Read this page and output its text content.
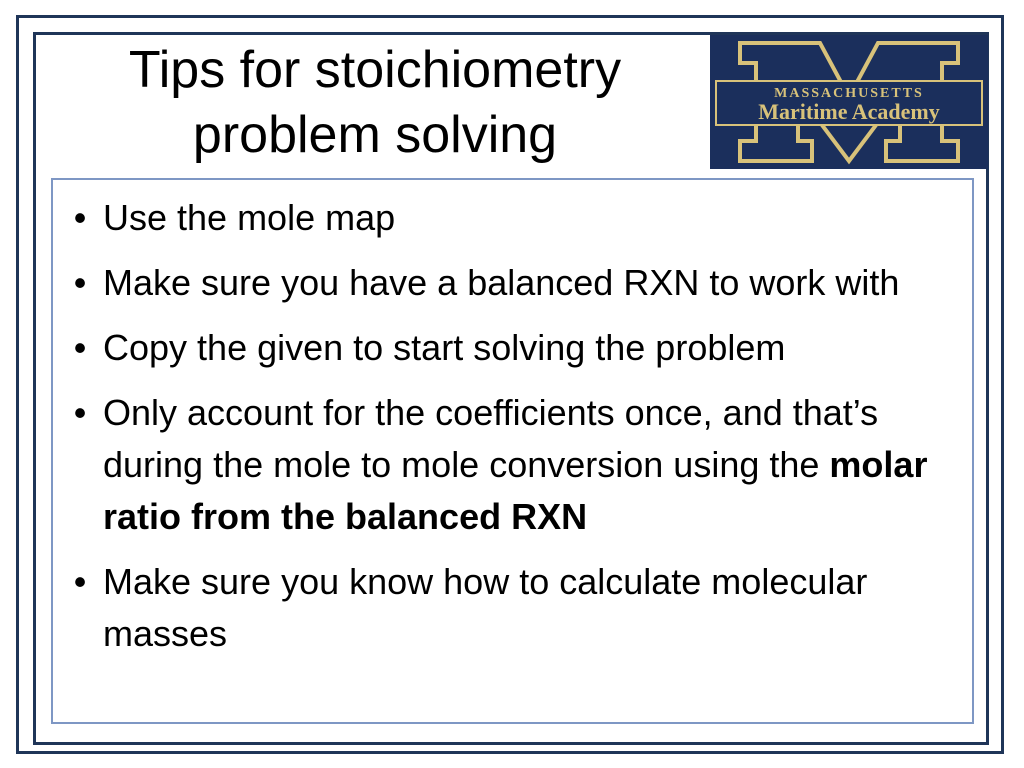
Tips for stoichiometry
problem solving
MASSACHUSETTS
Maritime Academy
• Use the mole map
• Make sure you have a balanced RXN to work with
• Copy the given to start solving the problem
• Only account for the coefficients once, and that’s during the mole to mole conversion using the molar ratio from the balanced RXN
• Make sure you know how to calculate molecular masses
